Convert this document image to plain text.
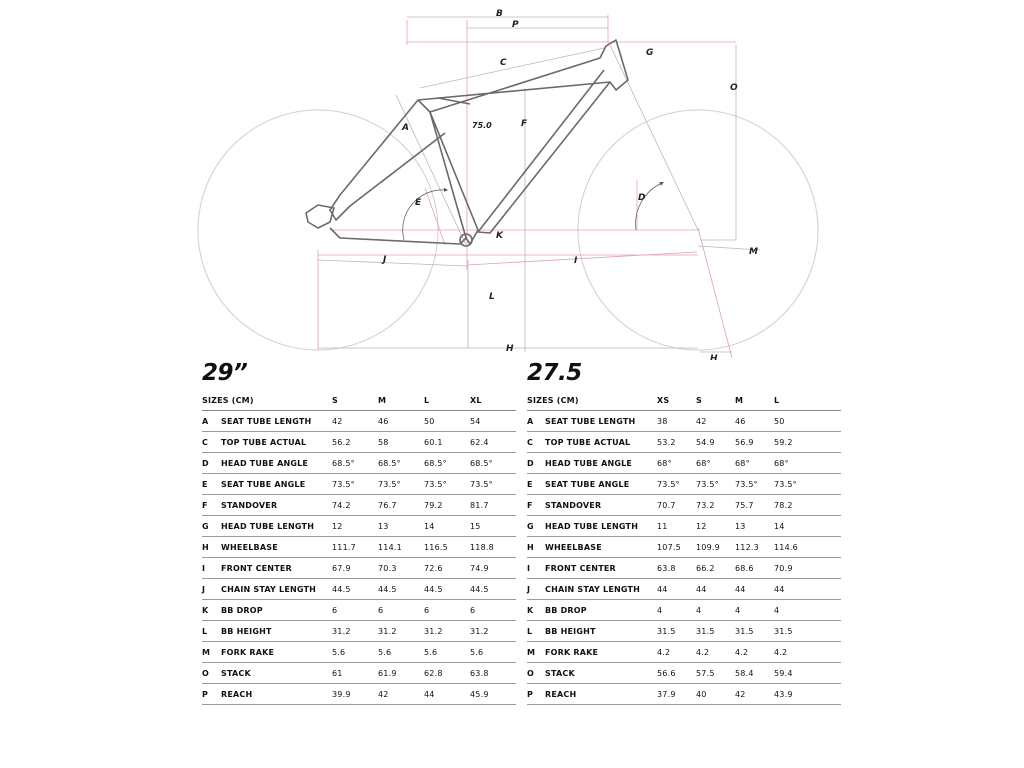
B
P
C
G
O
A	75.0	F
E	D
K
J	I
M
L
H
H
29”
SIZES (CM)	S	M	L	XL
A	SEAT TUBE LENGTH	42	46	50	54
C	TOP TUBE ACTUAL	56.2	58	60.1	62.4
D	HEAD TUBE ANGLE	68.5°	68.5°	68.5°	68.5°
E	SEAT TUBE ANGLE	73.5°	73.5°	73.5°	73.5°
F	STANDOVER	74.2	76.7	79.2	81.7
G	HEAD TUBE LENGTH	12	13	14	15
H	WHEELBASE	111.7	114.1	116.5	118.8
I	FRONT CENTER	67.9	70.3	72.6	74.9
J	CHAIN STAY LENGTH	44.5	44.5	44.5	44.5
K	BB DROP	6	6	6	6
L	BB HEIGHT	31.2	31.2	31.2	31.2
M	FORK RAKE	5.6	5.6	5.6	5.6
O	STACK	61	61.9	62.8	63.8
P	REACH	39.9	42	44	45.9
27.5
SIZES (CM)	XS	S	M	L
A	SEAT TUBE LENGTH	38	42	46	50
C	TOP TUBE ACTUAL	53.2	54.9	56.9	59.2
D	HEAD TUBE ANGLE	68°	68°	68°	68°
E	SEAT TUBE ANGLE	73.5°	73.5°	73.5°	73.5°
F	STANDOVER	70.7	73.2	75.7	78.2
G	HEAD TUBE LENGTH	11	12	13	14
H	WHEELBASE	107.5	109.9	112.3	114.6
I	FRONT CENTER	63.8	66.2	68.6	70.9
J	CHAIN STAY LENGTH	44	44	44	44
K	BB DROP	4	4	4	4
L	BB HEIGHT	31.5	31.5	31.5	31.5
M	FORK RAKE	4.2	4.2	4.2	4.2
O	STACK	56.6	57.5	58.4	59.4
P	REACH	37.9	40	42	43.9
